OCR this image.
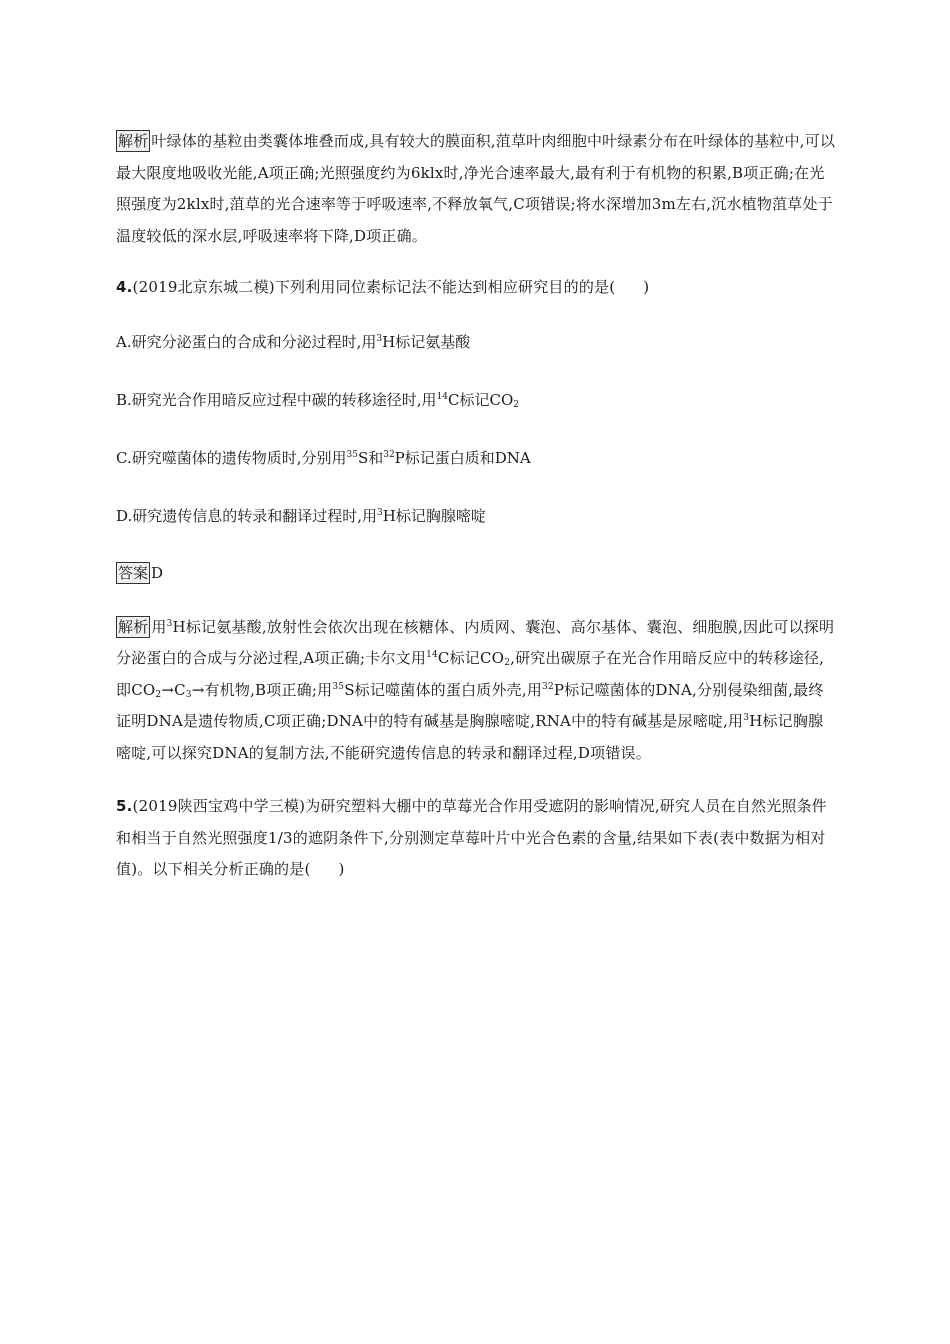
解析 叶绿体的基粒由类囊体堆叠而成,具有较大的膜面积,菹草叶肉细胞中叶绿素分布在叶绿体的基粒中,可以最大限度地吸收光能,A项正确;光照强度约为6klx时,净光合速率最大,最有利于有机物的积累,B项正确;在光照强度为2klx时,菹草的光合速率等于呼吸速率,不释放氧气,C项错误;将水深增加3m左右,沉水植物菹草处于温度较低的深水层,呼吸速率将下降,D项正确。

4.(2019北京东城二模)下列利用同位素标记法不能达到相应研究目的的是( )

A.研究分泌蛋白的合成和分泌过程时,用$^3$H标记氨基酸

B.研究光合作用暗反应过程中碳的转移途径时,用$^{14}$C标记$CO_2$

C.研究噬菌体的遗传物质时,分别用$^{35}$S和$^{32}$P标记蛋白质和DNA

D.研究遗传信息的转录和翻译过程时,用$^3$H标记胸腺嘧啶

答案 D

解析 用$^3$H标记氨基酸,放射性会依次出现在核糖体、内质网、囊泡、高尔基体、囊泡、细胞膜,因此可以探明分泌蛋白的合成与分泌过程,A项正确;卡尔文用$^{14}$C标记$CO_2$,研究出碳原子在光合作用暗反应中的转移途径,即$CO_2\to C_3\to$有机物,B项正确;用$^{35}$S标记噬菌体的蛋白质外壳,用$^{32}$P标记噬菌体的DNA,分别侵染细菌,最终证明DNA是遗传物质,C项正确;DNA中的特有碱基是胸腺嘧啶,RNA中的特有碱基是尿嘧啶,用$^3$H标记胸腺嘧啶,可以探究DNA的复制方法,不能研究遗传信息的转录和翻译过程,D项错误。

5.(2019陕西宝鸡中学三模)为研究塑料大棚中的草莓光合作用受遮阴的影响情况,研究人员在自然光照条件和相当于自然光照强度1/3的遮阴条件下,分别测定草莓叶片中光合色素的含量,结果如下表(表中数据为相对值)。以下相关分析正确的是( )
